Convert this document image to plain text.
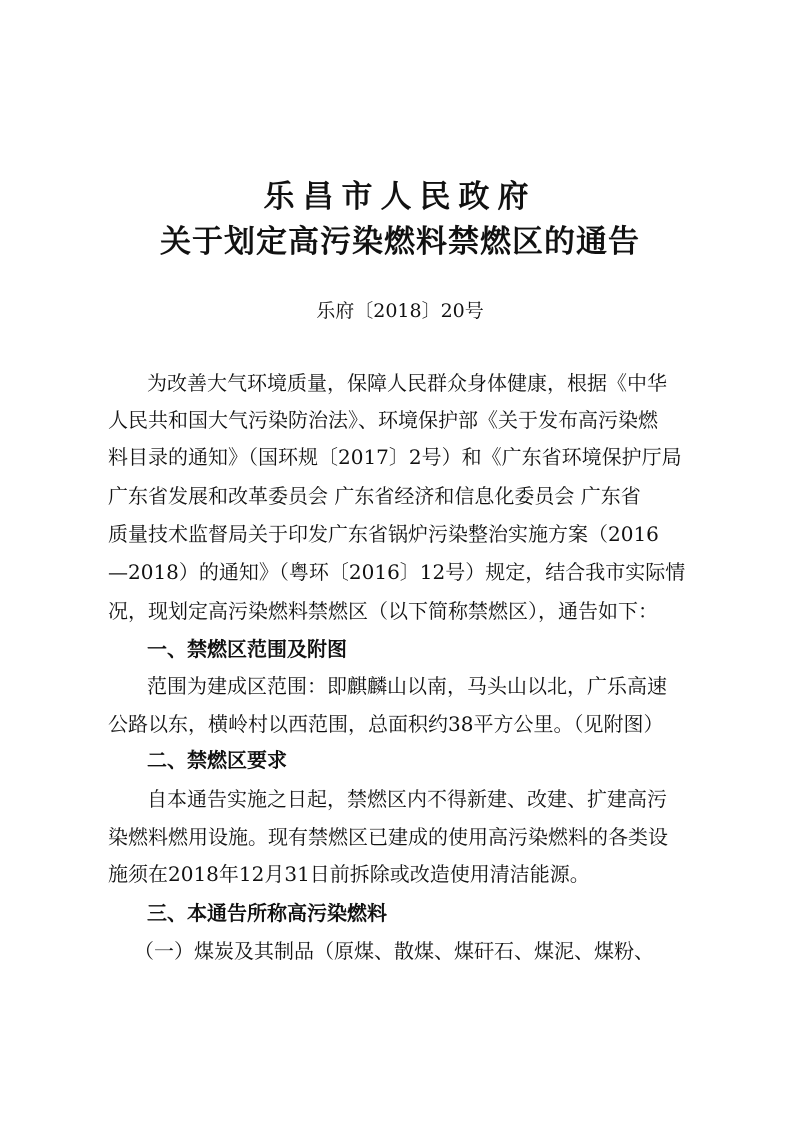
乐昌市人民政府
关于划定高污染燃料禁燃区的通告
乐府〔2018〕20号
为改善大气环境质量，保障人民群众身体健康，根据《中华
人民共和国大气污染防治法》、环境保护部《关于发布高污染燃
料目录的通知》（国环规〔2017〕2号）和《广东省环境保护厅局
广东省发展和改革委员会 广东省经济和信息化委员会 广东省
质量技术监督局关于印发广东省锅炉污染整治实施方案（2016
—2018）的通知》（粤环〔2016〕12号）规定，结合我市实际情
况，现划定高污染燃料禁燃区（以下简称禁燃区），通告如下：
一、禁燃区范围及附图
范围为建成区范围：即麒麟山以南，马头山以北，广乐高速
公路以东，横岭村以西范围，总面积约38平方公里。（见附图）
二、禁燃区要求
自本通告实施之日起，禁燃区内不得新建、改建、扩建高污
染燃料燃用设施。现有禁燃区已建成的使用高污染燃料的各类设
施须在2018年12月31日前拆除或改造使用清洁能源。
三、本通告所称高污染燃料
（一）煤炭及其制品（原煤、散煤、煤矸石、煤泥、煤粉、
